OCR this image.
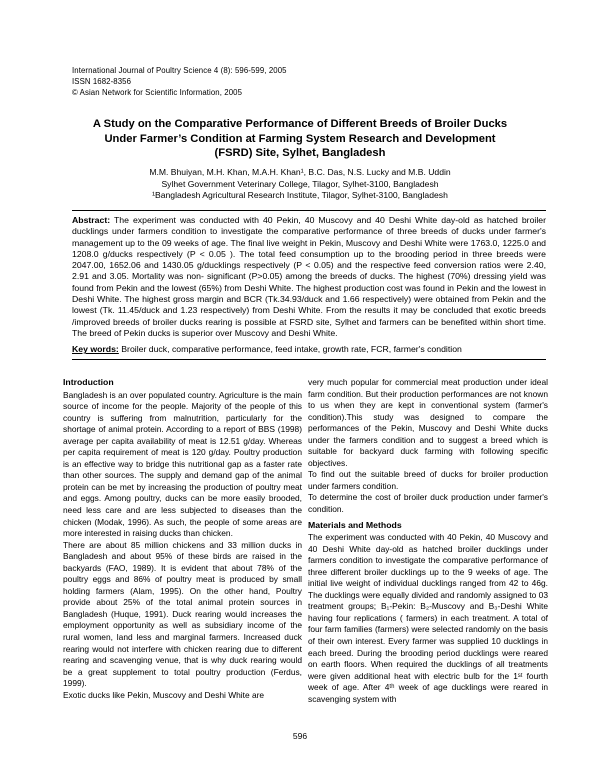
International Journal of Poultry Science 4 (8): 596-599, 2005
ISSN 1682-8356
© Asian Network for Scientific Information, 2005
A Study on the Comparative Performance of Different Breeds of Broiler Ducks
Under Farmer’s Condition at Farming System Research and Development
(FSRD) Site, Sylhet, Bangladesh
M.M. Bhuiyan, M.H. Khan, M.A.H. Khan¹, B.C. Das, N.S. Lucky and M.B. Uddin
Sylhet Government Veterinary College, Tilagor, Sylhet-3100, Bangladesh
¹Bangladesh Agricultural Research Institute, Tilagor, Sylhet-3100, Bangladesh
Abstract: The experiment was conducted with 40 Pekin, 40 Muscovy and 40 Deshi White day-old as hatched broiler ducklings under farmers condition to investigate the comparative performance of three breeds of ducks under farmer's management up to the 09 weeks of age. The final live weight in Pekin, Muscovy and Deshi White were 1763.0, 1225.0 and 1208.0 g/ducks respectively (P < 0.05 ). The total feed consumption up to the brooding period in three breeds were 2047.00, 1652.06 and 1430.05 g/ducklings respectively (P < 0.05) and the respective feed conversion ratios were 2.40, 2.91 and 3.05. Mortality was non- significant (P>0.05) among the breeds of ducks. The highest (70%) dressing yield was found from Pekin and the lowest (65%) from Deshi White. The highest production cost was found in Pekin and the lowest in Deshi White. The highest gross margin and BCR (Tk.34.93/duck and 1.66 respectively) were obtained from Pekin and the lowest (Tk. 11.45/duck and 1.23 respectively) from Deshi White. From the results it may be concluded that exotic breeds /improved breeds of broiler ducks rearing is possible at FSRD site, Sylhet and farmers can be benefited within short time. The breed of Pekin ducks is superior over Muscovy and Deshi White.
Key words: Broiler duck, comparative performance, feed intake, growth rate, FCR, farmer's condition
Introduction
Bangladesh is an over populated country. Agriculture is the main source of income for the people. Majority of the people of this country is suffering from malnutrition, particularly for the shortage of animal protein. According to a report of BBS (1998) average per capita availability of meat is 12.51 g/day. Whereas per capita requirement of meat is 120 g/day. Poultry production is an effective way to bridge this nutritional gap as a faster rate than other sources. The supply and demand gap of the animal protein can be met by increasing the production of poultry meat and eggs. Among poultry, ducks can be more easily brooded, need less care and are less subjected to diseases than the chicken (Modak, 1996). As such, the people of some areas are more interested in raising ducks than chicken.
There are about 85 million chickens and 33 million ducks in Bangladesh and about 95% of these birds are raised in the backyards (FAO, 1989). It is evident that about 78% of the poultry eggs and 86% of poultry meat is produced by small holding farmers (Alam, 1995). On the other hand, Poultry provide about 25% of the total animal protein sources in Bangladesh (Huque, 1991). Duck rearing would increases the employment opportunity as well as subsidiary income of the rural women, land less and marginal farmers. Increased duck rearing would not interfere with chicken rearing due to different rearing and scavenging venue, that is why duck rearing would be a great supplement to total poultry production (Ferdus, 1999).
Exotic ducks like Pekin, Muscovy and Deshi White are
very much popular for commercial meat production under ideal farm condition. But their production performances are not known to us when they are kept in conventional system (farmer's condition).This study was designed to compare the performances of the Pekin, Muscovy and Deshi White ducks under the farmers condition and to suggest a breed which is suitable for backyard duck farming with following specific objectives.
To find out the suitable breed of ducks for broiler production under farmers condition.
To determine the cost of broiler duck production under farmer's condition.
Materials and Methods
The experiment was conducted with 40 Pekin, 40 Muscovy and 40 Deshi White day-old as hatched broiler ducklings under farmers condition to investigate the comparative performance of three different broiler ducklings up to the 9 weeks of age. The initial live weight of individual ducklings ranged from 42 to 46g. The ducklings were equally divided and randomly assigned to 03 treatment groups; B₁-Pekin: B₂-Muscovy and B₃-Deshi White having four replications ( farmers) in each treatment. A total of four farm families (farmers) were selected randomly on the basis of their own interest. Every farmer was supplied 10 ducklings in each breed. During the brooding period ducklings were reared on earth floors. When required the ducklings of all treatments were given additional heat with electric bulb for the 1ˢᵗ fourth week of age. After 4ᵗʰ week of age ducklings were reared in scavenging system with
596
